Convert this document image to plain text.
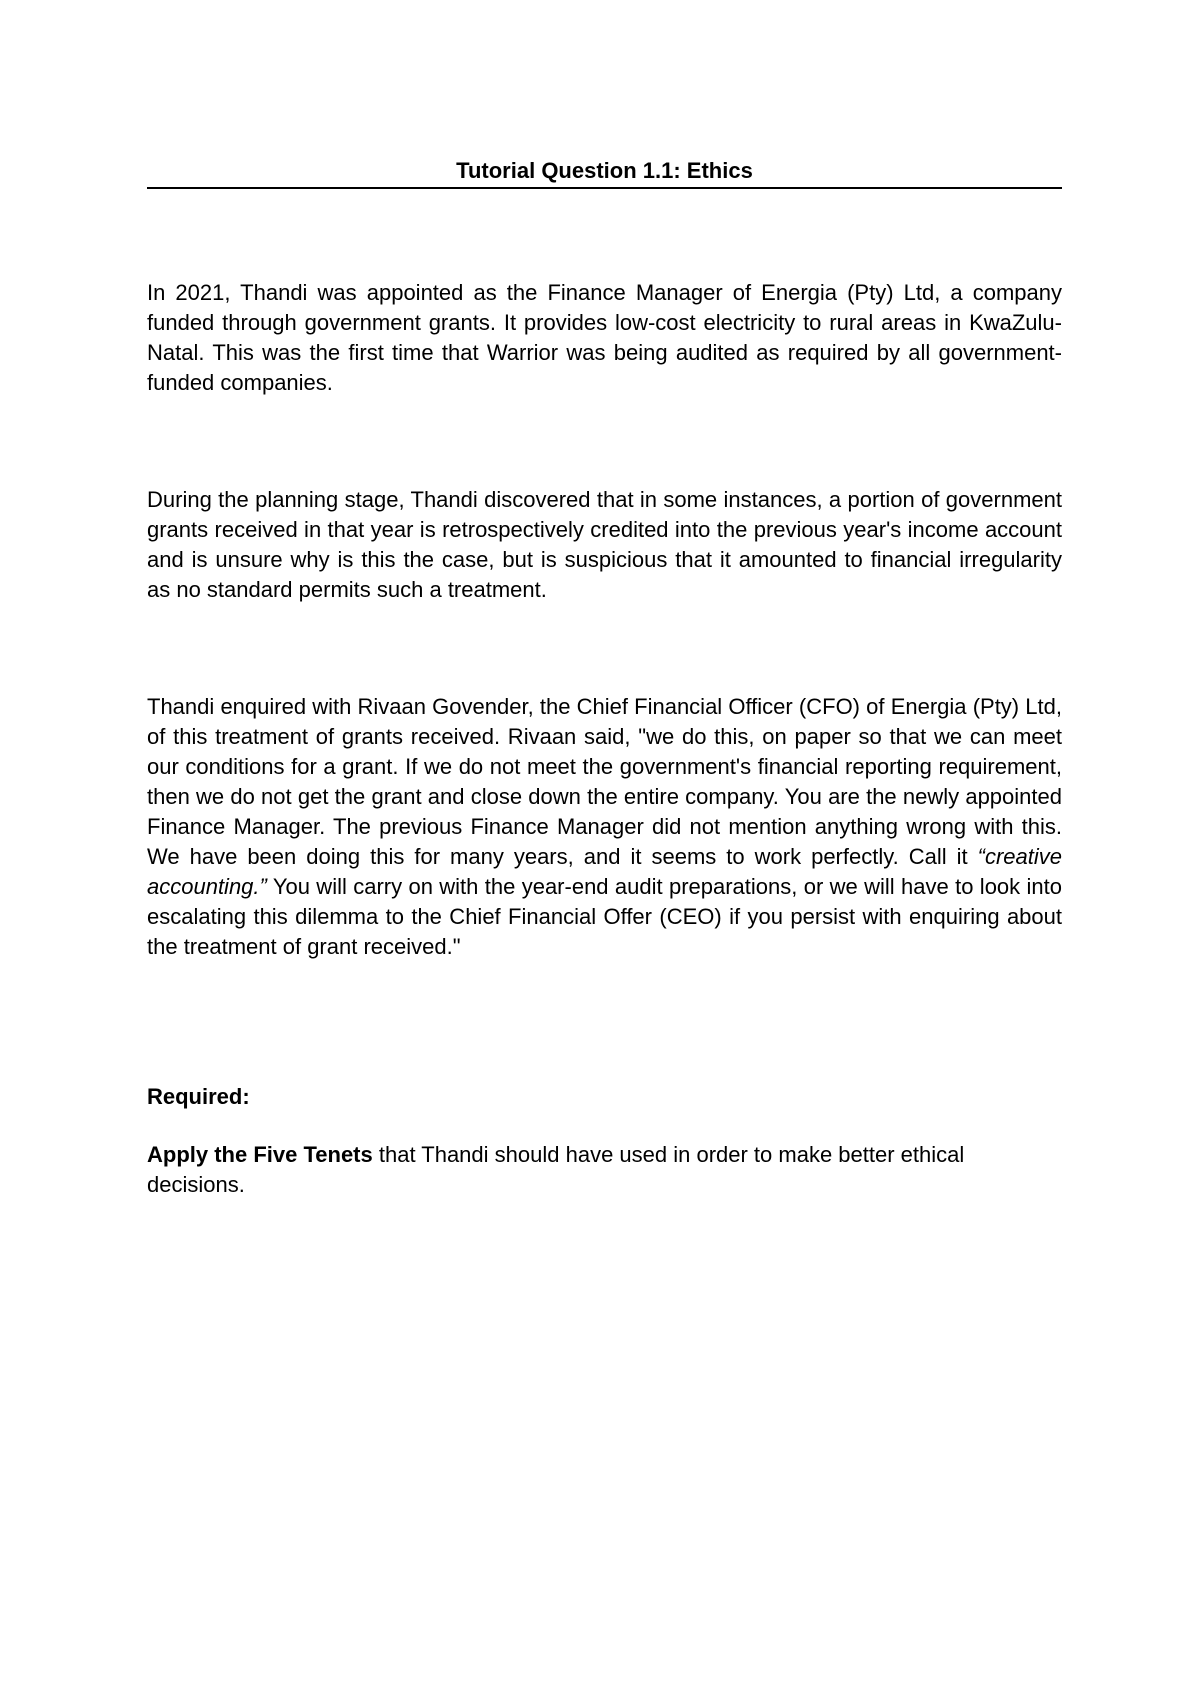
Tutorial Question 1.1: Ethics

In 2021, Thandi was appointed as the Finance Manager of Energia (Pty) Ltd, a company funded through government grants. It provides low-cost electricity to rural areas in KwaZulu-Natal. This was the first time that Warrior was being audited as required by all government-funded companies.

During the planning stage, Thandi discovered that in some instances, a portion of government grants received in that year is retrospectively credited into the previous year's income account and is unsure why is this the case, but is suspicious that it amounted to financial irregularity as no standard permits such a treatment.

Thandi enquired with Rivaan Govender, the Chief Financial Officer (CFO) of Energia (Pty) Ltd, of this treatment of grants received. Rivaan said, "we do this, on paper so that we can meet our conditions for a grant. If we do not meet the government's financial reporting requirement, then we do not get the grant and close down the entire company. You are the newly appointed Finance Manager. The previous Finance Manager did not mention anything wrong with this. We have been doing this for many years, and it seems to work perfectly. Call it “creative accounting.” You will carry on with the year-end audit preparations, or we will have to look into escalating this dilemma to the Chief Financial Offer (CEO) if you persist with enquiring about the treatment of grant received."

Required:

Apply the Five Tenets that Thandi should have used in order to make better ethical decisions.
